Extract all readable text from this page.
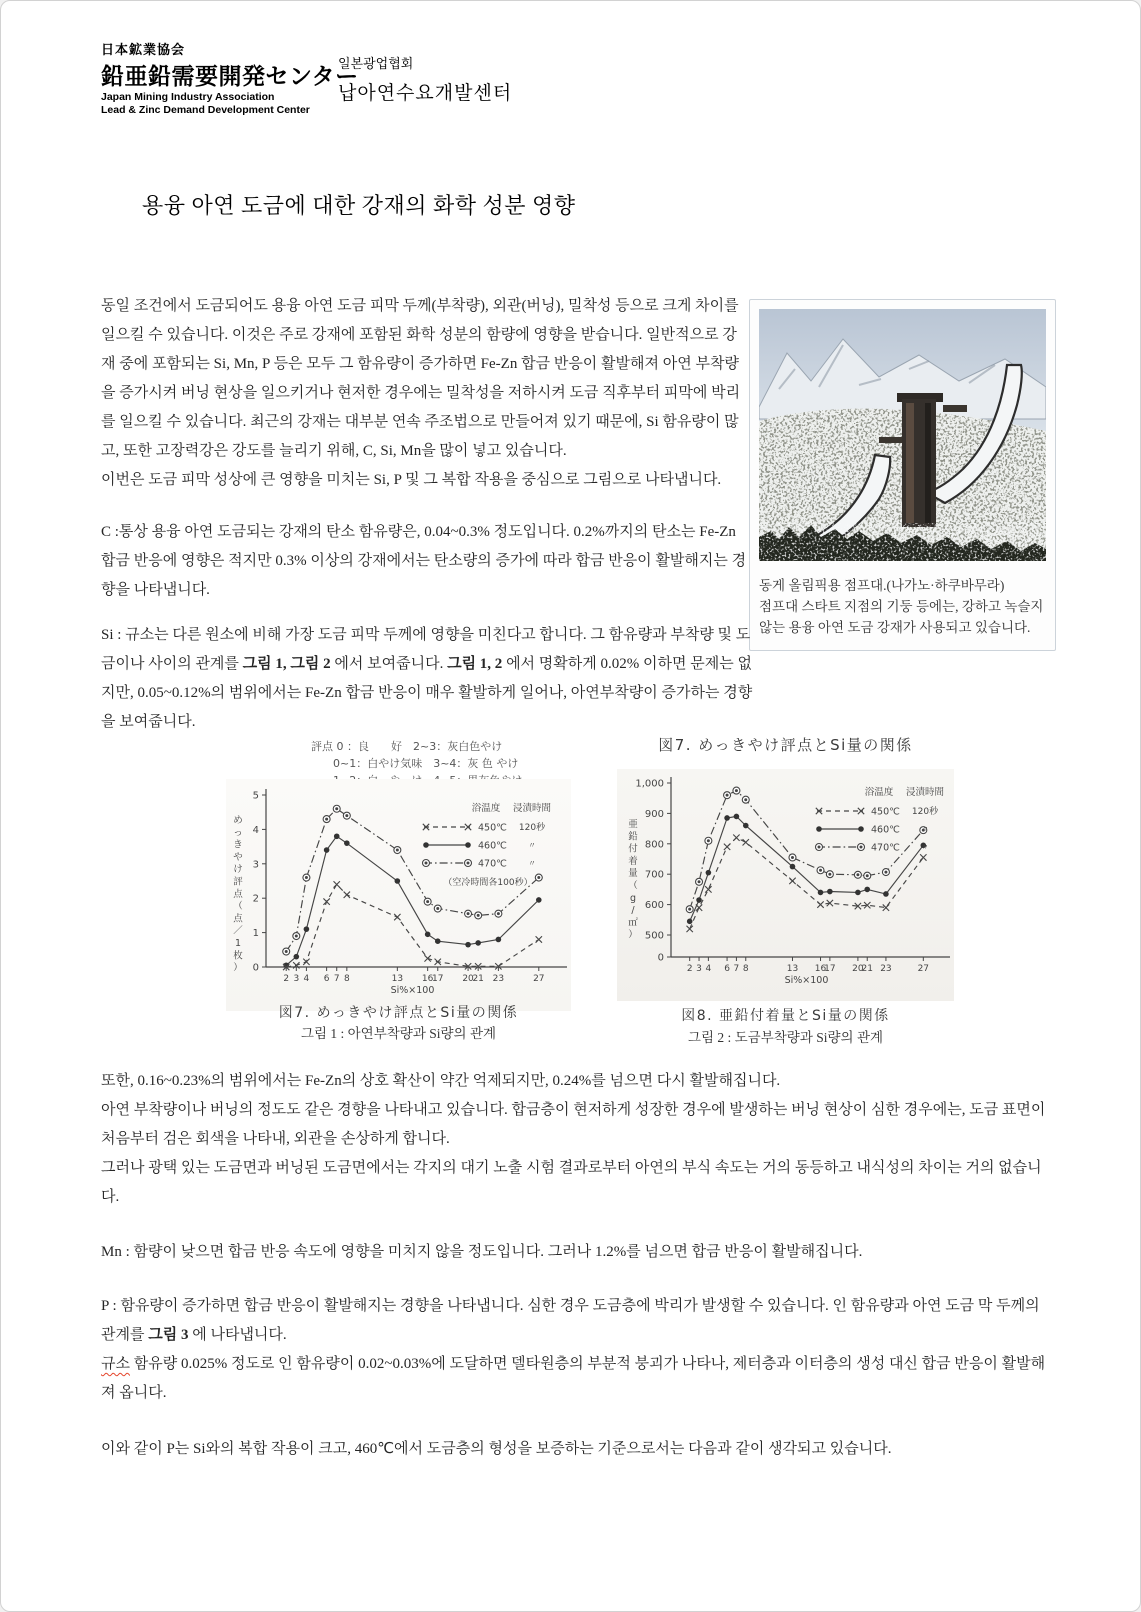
日本鉱業協会
鉛亜鉛需要開発センター
Japan Mining Industry Association
Lead & Zinc Demand Development Center
일본광업협회
납아연수요개발센터
용융 아연 도금에 대한 강재의 화학 성분 영향

동일 조건에서 도금되어도 용융 아연 도금 피막 두께(부착량), 외관(버닝), 밀착성 등으로 크게 차이를 일으킬 수 있습니다. 이것은 주로 강재에 포함된 화학 성분의 함량에 영향을 받습니다. 일반적으로 강재 중에 포함되는 Si, Mn, P 등은 모두 그 함유량이 증가하면 Fe-Zn 합금 반응이 활발해져 아연 부착량을 증가시켜 버닝 현상을 일으키거나 현저한 경우에는 밀착성을 저하시켜 도금 직후부터 피막에 박리를 일으킬 수 있습니다. 최근의 강재는 대부분 연속 주조법으로 만들어져 있기 때문에, Si 함유량이 많고, 또한 고장력강은 강도를 늘리기 위해, C, Si, Mn을 많이 넣고 있습니다.

이번은 도금 피막 성상에 큰 영향을 미치는 Si, P 및 그 복합 작용을 중심으로 그림으로 나타냅니다.

동게 올림픽용 점프대.(나가노·하쿠바무라)
점프대 스타트 지점의 기둥 등에는, 강하고 녹슬지 않는 용융 아연 도금 강재가 사용되고 있습니다.
C :통상 용융 아연 도금되는 강재의 탄소 함유량은, 0.04~0.3% 정도입니다. 0.2%까지의 탄소는 Fe-Zn 합금 반응에 영향은 적지만 0.3% 이상의 강재에서는 탄소량의 증가에 따라 합금 반응이 활발해지는 경향을 나타냅니다.
Si : 규소는 다른 원소에 비해 가장 도금 피막 두께에 영향을 미친다고 합니다. 그 함유량과 부착량 및 도금이나 사이의 관계를 그림 1, 그림 2 에서 보여줍니다. 그림 1, 2 에서 명확하게 0.02% 이하면 문제는 없지만, 0.05~0.12%의 범위에서는 Fe-Zn 합금 반응이 매우 활발하게 일어나, 아연부착량이 증가하는 경향을 보여줍니다.
評点 0 ：良　　好　2~3：灰白色やけ
0~1：白やけ気味　3~4：灰 色 やけ
1~2：白　や　け　4~5：黒灰色やけ
0
1
2
3
4
5
2 3 4 6 7 8	13 16
17 20
21 23	27
Si%×100
めっきやけ評点（点／ 1 枚）
浴温度 浸漬時間
450℃ 120秒
460℃	〃
470℃	〃
（空冷時間各100秒）
図7. めっきやけ評点とSi量の関係
그림 1 : 아연부착량과 Si량의 관계
図7. めっきやけ評点とSi量の関係
0
500
600
700
800
900
1,000
2 3 4 6 7 8	13 16
17 20
21 23	27
Si%×100
亜鉛付着量（ g / ㎡）
浴温度 浸漬時間
450℃ 120秒
460℃	〃
470℃	〃
図8. 亜鉛付着量とSi量の関係
그림 2 : 도금부착량과 Si량의 관계

또한, 0.16~0.23%의 범위에서는 Fe-Zn의 상호 확산이 약간 억제되지만, 0.24%를 넘으면 다시 활발해집니다.

아연 부착량이나 버닝의 정도도 같은 경향을 나타내고 있습니다. 합금층이 현저하게 성장한 경우에 발생하는 버닝 현상이 심한 경우에는, 도금 표면이 처음부터 검은 회색을 나타내, 외관을 손상하게 합니다.

그러나 광택 있는 도금면과 버닝된 도금면에서는 각지의 대기 노출 시험 결과로부터 아연의 부식 속도는 거의 동등하고 내식성의 차이는 거의 없습니다.

Mn : 함량이 낮으면 합금 반응 속도에 영향을 미치지 않을 정도입니다. 그러나 1.2%를 넘으면 합금 반응이 활발해집니다.

P : 함유량이 증가하면 합금 반응이 활발해지는 경향을 나타냅니다. 심한 경우 도금층에 박리가 발생할 수 있습니다. 인 함유량과 아연 도금 막 두께의 관계를 그림 3 에 나타냅니다.

규소 함유량 0.025% 정도로 인 함유량이 0.02~0.03%에 도달하면 델타원층의 부분적 붕괴가 나타나, 제터층과 이터층의 생성 대신 합금 반응이 활발해져 옵니다.

이와 같이 P는 Si와의 복합 작용이 크고, 460℃에서 도금층의 형성을 보증하는 기준으로서는 다음과 같이 생각되고 있습니다.
